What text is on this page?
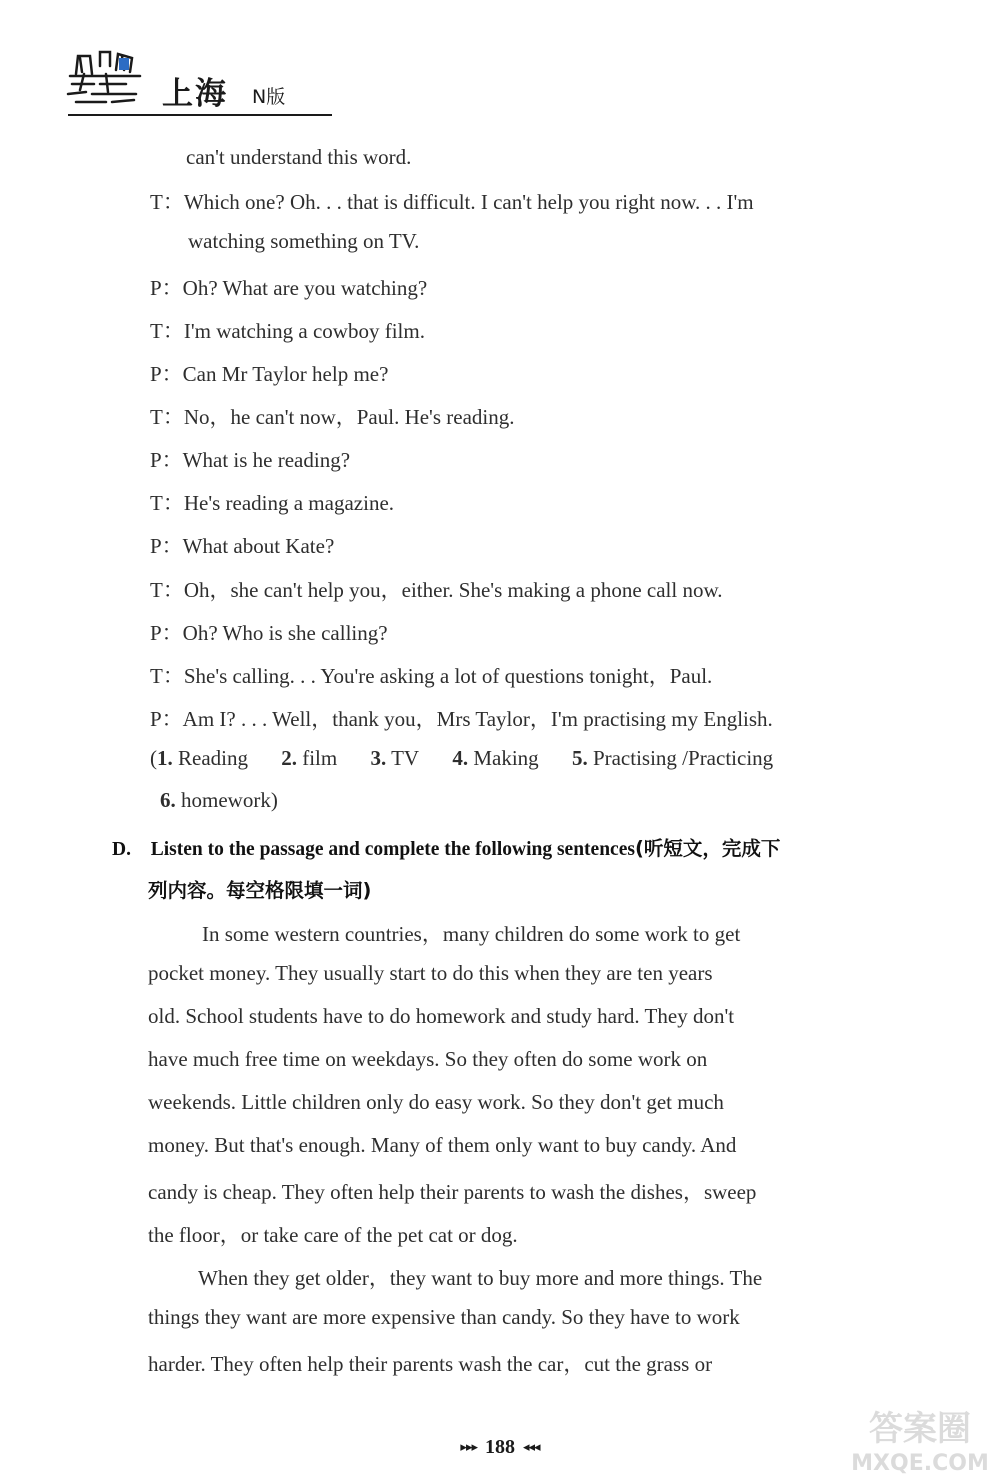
上海 N版
can't understand this word.
T：Which one? Oh. . . that is difficult. I can't help you right now. . . I'm
watching something on TV.
P：Oh? What are you watching?
T：I'm watching a cowboy film.
P：Can Mr Taylor help me?
T：No，he can't now，Paul. He's reading.
P：What is he reading?
T：He's reading a magazine.
P：What about Kate?
T：Oh，she can't help you，either. She's making a phone call now.
P：Oh? Who is she calling?
T：She's calling. . . You're asking a lot of questions tonight，Paul.
P：Am I? . . . Well，thank you，Mrs Taylor，I'm practising my English.
(1. Reading 2. film 3. TV 4. Making 5. Practising /Practicing
6. homework)
D. Listen to the passage and complete the following sentences(听短文，完成下
列内容。每空格限填一词)
In some western countries，many children do some work to get
pocket money. They usually start to do this when they are ten years
old. School students have to do homework and study hard. They don't
have much free time on weekdays. So they often do some work on
weekends. Little children only do easy work. So they don't get much
money. But that's enough. Many of them only want to buy candy. And
candy is cheap. They often help their parents to wash the dishes，sweep
the floor，or take care of the pet cat or dog.
When they get older，they want to buy more and more things. The
things they want are more expensive than candy. So they have to work
harder. They often help their parents wash the car，cut the grass or
▸▸▸ 188 ◂◂◂	答案圈
MXQE.COM
